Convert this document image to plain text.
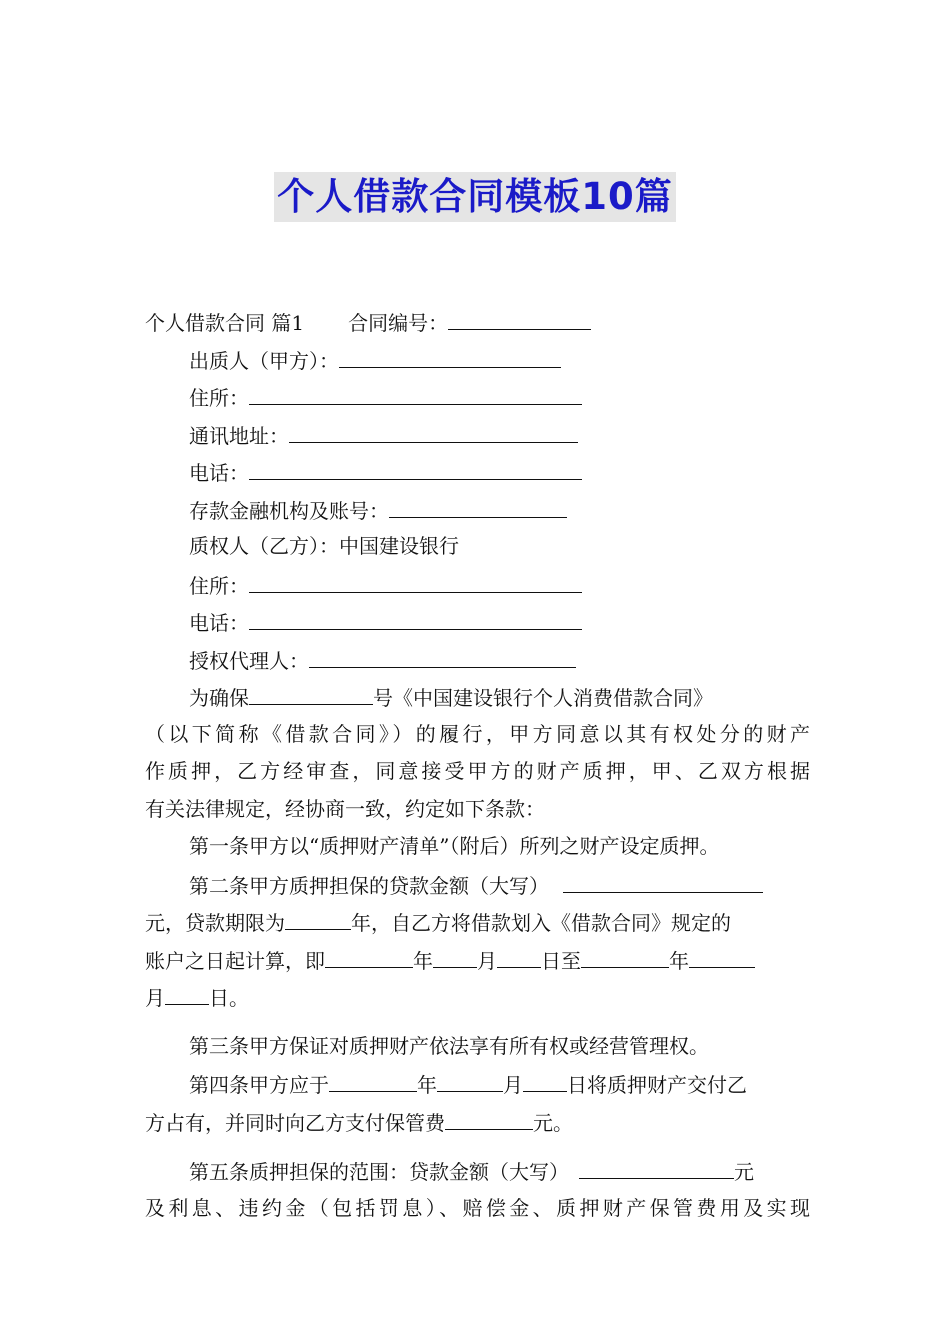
个人借款合同模板10篇
个人借款合同 篇1 合同编号：
出质人（甲方）：
住所：
通讯地址：
电话：
存款金融机构及账号：
质权人（乙方）：中国建设银行
住所：
电话：
授权代理人：
为确保	号《中国建设银行个人消费借款合同》
（以下简称《借款合同》）的履行，甲方同意以其有权处分的财产
作质押，乙方经审查，同意接受甲方的财产质押，甲、乙双方根据
有关法律规定，经协商一致，约定如下条款：
第一条甲方以“质押财产清单”（附后）所列之财产设定质押。
第二条甲方质押担保的贷款金额（大写）
元，贷款期限为	年，自乙方将借款划入《借款合同》规定的
账户之日起计算，即	年 月 日至	年
月 日。
第三条甲方保证对质押财产依法享有所有权或经营管理权。
第四条甲方应于	年	月 日将质押财产交付乙
方占有，并同时向乙方支付保管费	元。
第五条质押担保的范围：贷款金额（大写）	元
及利息、违约金（包括罚息）、赔偿金、质押财产保管费用及实现
